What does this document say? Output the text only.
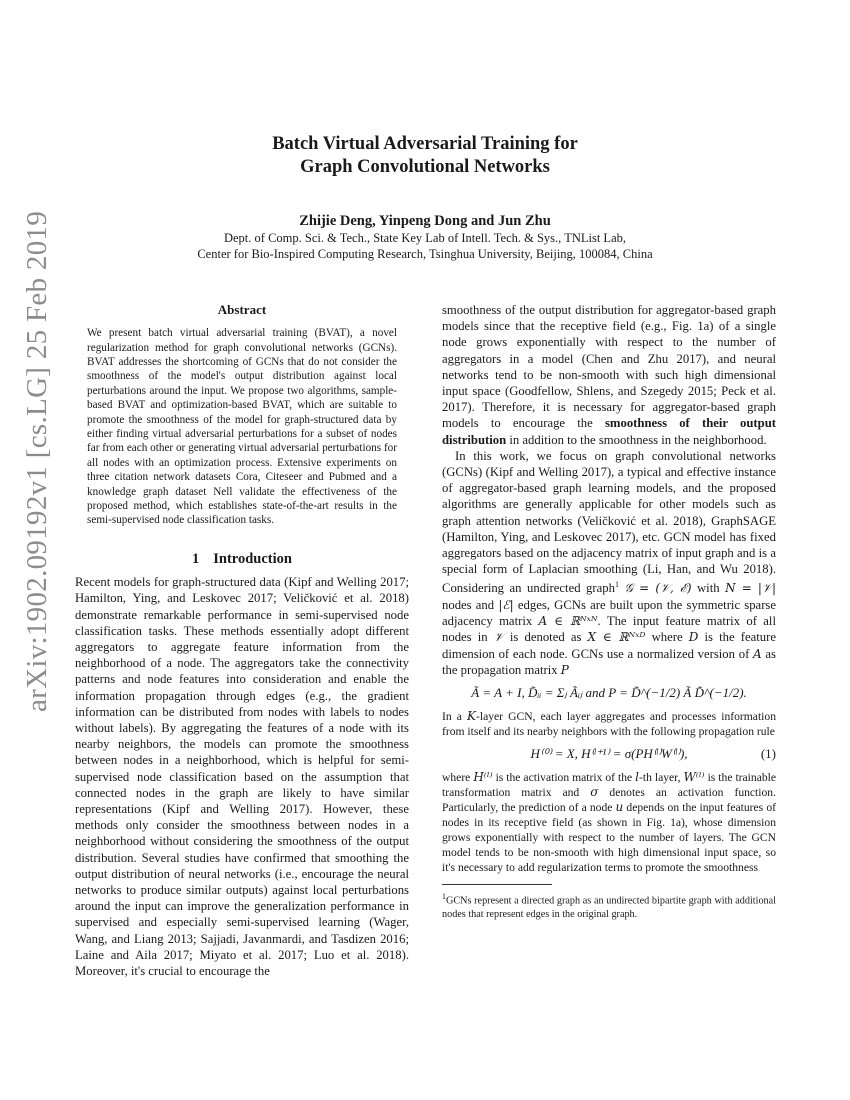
arXiv:1902.09192v1 [cs.LG] 25 Feb 2019

Batch Virtual Adversarial Training for

Graph Convolutional Networks

Zhijie Deng, Yinpeng Dong and Jun Zhu
Dept. of Comp. Sci. & Tech., State Key Lab of Intell. Tech. & Sys., TNList Lab,
Center for Bio-Inspired Computing Research, Tsinghua University, Beijing, 100084, China
Abstract

We present batch virtual adversarial training (BVAT), a novel regularization method for graph convolutional networks (GCNs). BVAT addresses the shortcoming of GCNs that do not consider the smoothness of the model's output distribution against local perturbations around the input. We propose two algorithms, sample-based BVAT and optimization-based BVAT, which are suitable to promote the smoothness of the model for graph-structured data by either finding virtual adversarial perturbations for a subset of nodes far from each other or generating virtual adversarial perturbations for all nodes with an optimization process. Extensive experiments on three citation network datasets Cora, Citeseer and Pubmed and a knowledge graph dataset Nell validate the effectiveness of the proposed method, which establishes state-of-the-art results in the semi-supervised node classification tasks.

1 Introduction

Recent models for graph-structured data (Kipf and Welling 2017; Hamilton, Ying, and Leskovec 2017; Veličković et al. 2018) demonstrate remarkable performance in semi-supervised node classification tasks. These methods essentially adopt different aggregators to aggregate feature information from the neighborhood of a node. The aggregators take the connectivity patterns and node features into consideration and enable the information propagation through edges (e.g., the gradient information can be distributed from nodes with labels to nodes without labels). By aggregating the features of a node with its nearby neighbors, the models can promote the smoothness between nodes in a neighborhood, which is helpful for semi-supervised node classification based on the assumption that connected nodes in the graph are likely to have similar representations (Kipf and Welling 2017). However, these methods only consider the smoothness between nodes in a neighborhood without considering the smoothness of the output distribution. Several studies have confirmed that smoothing the output distribution of neural networks (i.e., encourage the neural networks to produce similar outputs) against local perturbations around the input can improve the generalization performance in supervised and especially semi-supervised learning (Wager, Wang, and Liang 2013; Sajjadi, Javanmardi, and Tasdizen 2016; Laine and Aila 2017; Miyato et al. 2017; Luo et al. 2018). Moreover, it's crucial to encourage the

smoothness of the output distribution for aggregator-based graph models since that the receptive field (e.g., Fig. 1a) of a single node grows exponentially with respect to the number of aggregators in a model (Chen and Zhu 2017), and neural networks tend to be non-smooth with such high dimensional input space (Goodfellow, Shlens, and Szegedy 2015; Peck et al. 2017). Therefore, it is necessary for aggregator-based graph models to encourage the smoothness of their output distribution in addition to the smoothness in the neighborhood.

In this work, we focus on graph convolutional networks (GCNs) (Kipf and Welling 2017), a typical and effective instance of aggregator-based graph learning models, and the proposed algorithms are generally applicable for other models such as graph attention networks (Veličković et al. 2018), GraphSAGE (Hamilton, Ying, and Leskovec 2017), etc. GCN model has fixed aggregators based on the adjacency matrix of input graph and is a special form of Laplacian smoothing (Li, Han, and Wu 2018). Considering an undirected graph$^1$ 𝒢 = (𝒱, ℰ) with N = |𝒱| nodes and |ℰ| edges, GCNs are built upon the symmetric sparse adjacency matrix A ∈ ℝᴺˣᴺ. The input feature matrix of all nodes in 𝒱 is denoted as X ∈ ℝᴺˣᴰ where D is the feature dimension of each node. GCNs use a normalized version of A as the propagation matrix P

Ã = A + I, D̃ᵢᵢ = Σⱼ Ãᵢⱼ and P = D̃^(−1/2) Ã D̃^(−1/2).

In a K-layer GCN, each layer aggregates and processes information from itself and its nearby neighbors with the following propagation rule

H⁽⁰⁾ = X, H⁽ˡ⁺¹⁾ = σ(PH⁽ˡ⁾W⁽ˡ⁾),	(1)

where H⁽ˡ⁾ is the activation matrix of the l-th layer, W⁽ˡ⁾ is the trainable transformation matrix and σ denotes an activation function. Particularly, the prediction of a node u depends on the input features of nodes in its receptive field (as shown in Fig. 1a), whose dimension grows exponentially with respect to the number of layers. The GCN model tends to be non-smooth with high dimensional input space, so it's necessary to add regularization terms to promote the smoothness

$^1$GCNs represent a directed graph as an undirected bipartite graph with additional nodes that represent edges in the original graph.
